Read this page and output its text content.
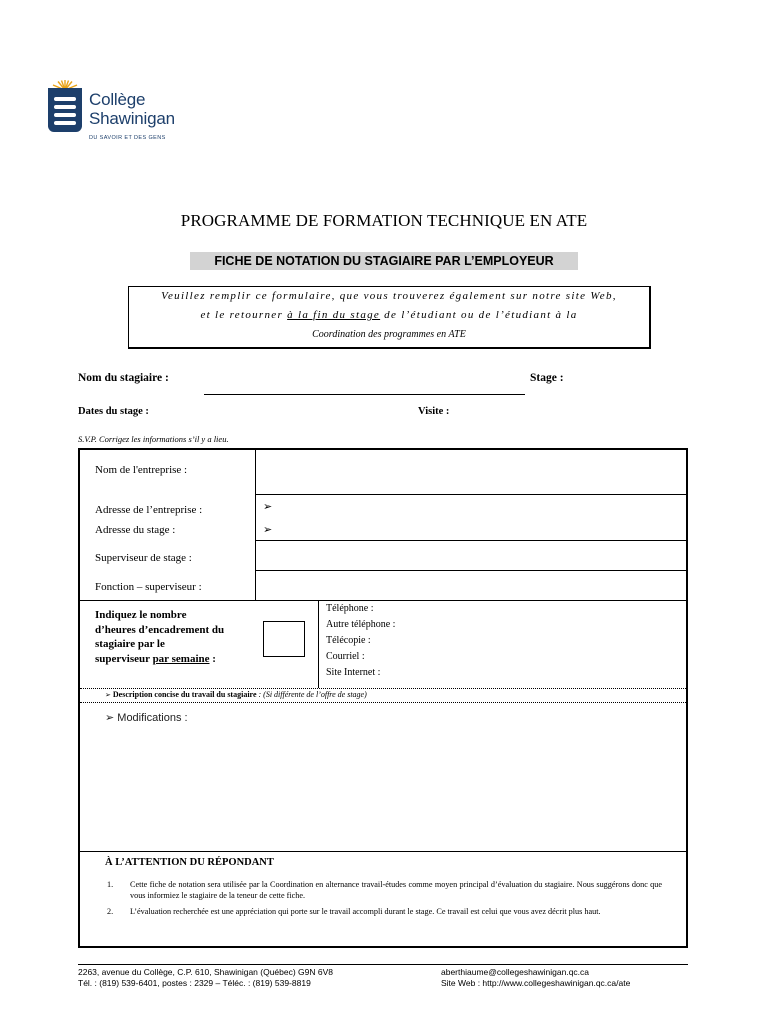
Collège
Shawinigan
DU SAVOIR ET DES GENS
PROGRAMME DE FORMATION TECHNIQUE EN ATE
FICHE DE NOTATION DU STAGIAIRE PAR L’EMPLOYEUR
Veuillez remplir ce formulaire, que vous trouverez également sur notre site Web,
et le retourner à la fin du stage de l’étudiant ou de l’étudiant à la
Coordination des programmes en ATE
Nom du stagiaire :	Stage :
Dates du stage :	Visite :
S.V.P. Corrigez les informations s’il y a lieu.
Nom de l'entreprise :
Adresse de l’entreprise :
Adresse du stage :
Superviseur de stage :
Fonction – superviseur :
➢
➢
Indiquez le nombre
d’heures d’encadrement du
stagiaire par le
superviseur par semaine :
Téléphone :
Autre téléphone :
Télécopie :
Courriel :
Site Internet :
➢ Description concise du travail du stagiaire : (Si différente de l’offre de stage)
➢ Modifications :
À L’ATTENTION DU RÉPONDANT
1. Cette fiche de notation sera utilisée par la Coordination en alternance travail-études comme moyen principal d’évaluation du stagiaire. Nous suggérons donc que vous informiez le stagiaire de la teneur de cette fiche.
2. L’évaluation recherchée est une appréciation qui porte sur le travail accompli durant le stage. Ce travail est celui que vous avez décrit plus haut.
2263, avenue du Collège, C.P. 610, Shawinigan (Québec) G9N 6V8
Tél. : (819) 539-6401, postes : 2329 – Téléc. : (819) 539-8819
aberthiaume@collegeshawinigan.qc.ca
Site Web : http://www.collegeshawinigan.qc.ca/ate
